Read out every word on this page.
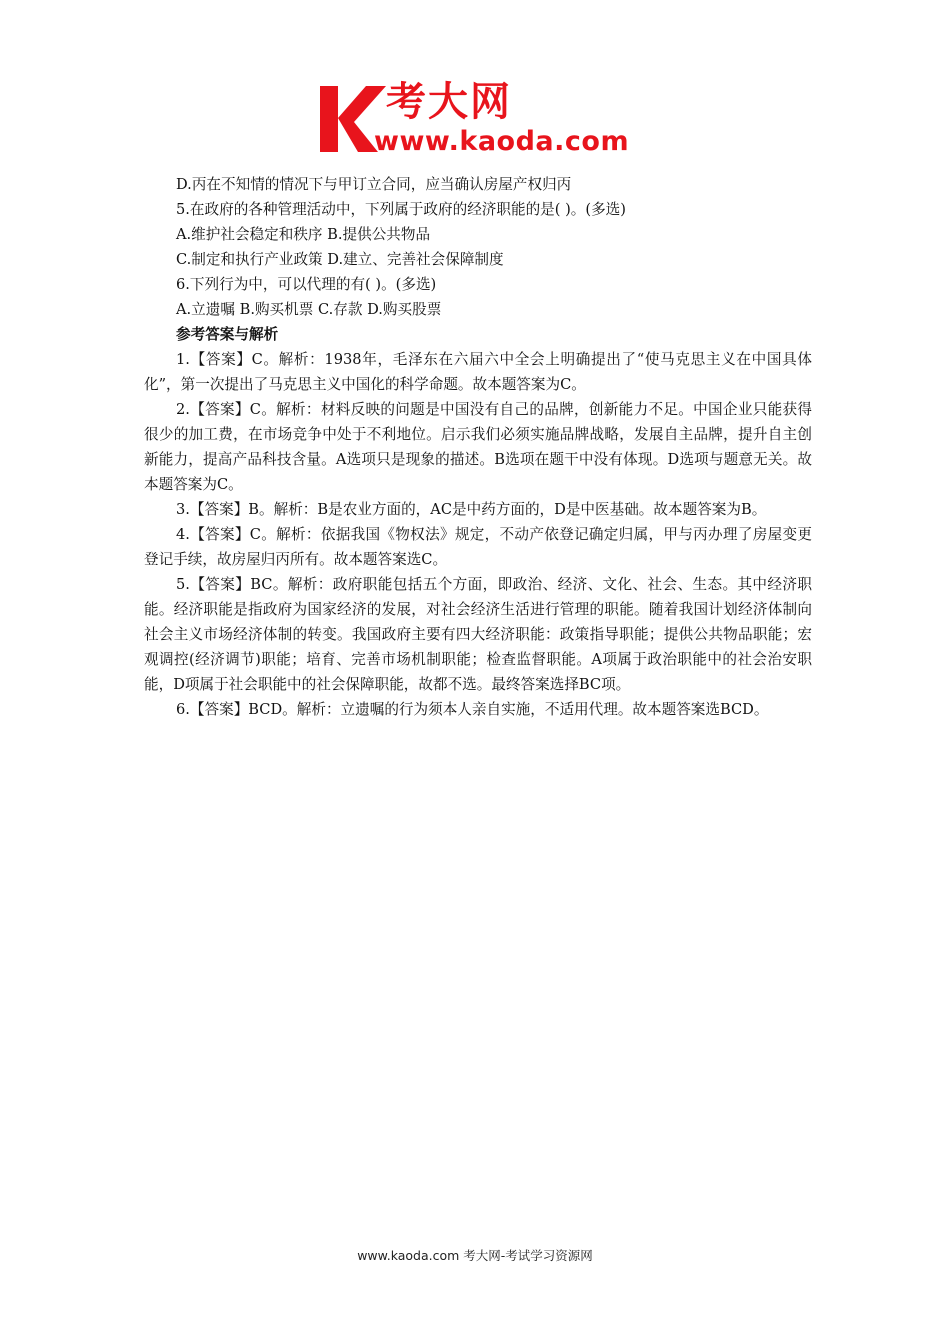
考大网
www.kaoda.com

D.丙在不知情的情况下与甲订立合同，应当确认房屋产权归丙

5.在政府的各种管理活动中，下列属于政府的经济职能的是( )。(多选)

A.维护社会稳定和秩序 B.提供公共物品

C.制定和执行产业政策 D.建立、完善社会保障制度

6.下列行为中，可以代理的有( )。(多选)

A.立遗嘱 B.购买机票 C.存款 D.购买股票

参考答案与解析

1.【答案】C。解析：1938年，毛泽东在六届六中全会上明确提出了“使马克思主义在中国具体化”，第一次提出了马克思主义中国化的科学命题。故本题答案为C。

2.【答案】C。解析：材料反映的问题是中国没有自己的品牌，创新能力不足。中国企业只能获得很少的加工费，在市场竞争中处于不利地位。启示我们必须实施品牌战略，发展自主品牌，提升自主创新能力，提高产品科技含量。A选项只是现象的描述。B选项在题干中没有体现。D选项与题意无关。故本题答案为C。

3.【答案】B。解析：B是农业方面的，AC是中药方面的，D是中医基础。故本题答案为B。

4.【答案】C。解析：依据我国《物权法》规定，不动产依登记确定归属，甲与丙办理了房屋变更登记手续，故房屋归丙所有。故本题答案选C。

5.【答案】BC。解析：政府职能包括五个方面，即政治、经济、文化、社会、生态。其中经济职能。经济职能是指政府为国家经济的发展，对社会经济生活进行管理的职能。随着我国计划经济体制向社会主义市场经济体制的转变。我国政府主要有四大经济职能：政策指导职能；提供公共物品职能；宏观调控(经济调节)职能；培育、完善市场机制职能；检查监督职能。A项属于政治职能中的社会治安职能，D项属于社会职能中的社会保障职能，故都不选。最终答案选择BC项。

6.【答案】BCD。解析：立遗嘱的行为须本人亲自实施，不适用代理。故本题答案选BCD。

www.kaoda.com 考大网-考试学习资源网
